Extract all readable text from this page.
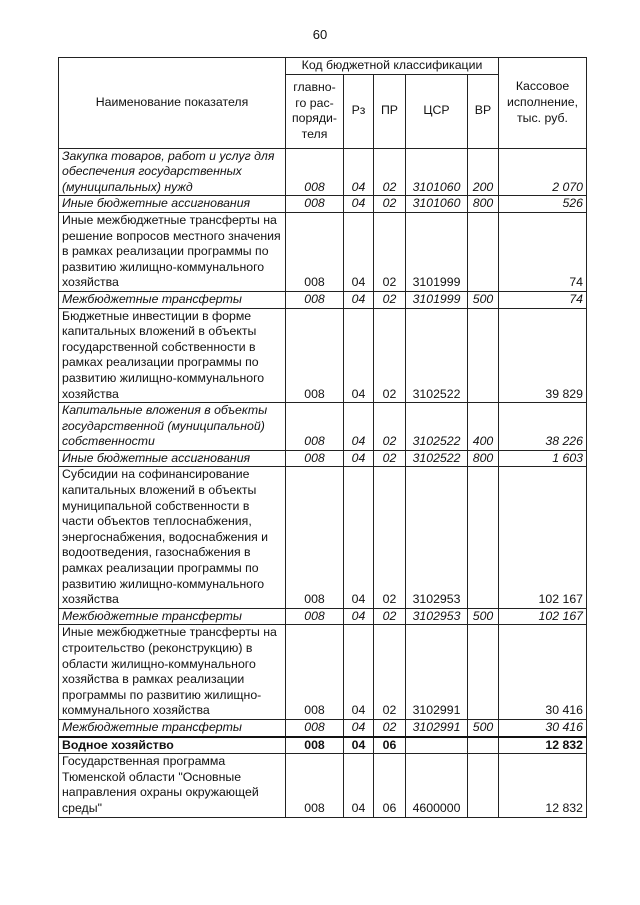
60
Наименование показателя	Код бюджетной классификации					Кассовое исполнение, тыс. руб.
	главно-го рас-поряди-теля	Рз	ПР	ЦСР	ВР	
Закупка товаров, работ и услуг для обеспечения государственных (муниципальных) нужд	008	04	02	3101060	200	2 070
Иные бюджетные ассигнования	008	04	02	3101060	800	526
Иные межбюджетные трансферты на решение вопросов местного значения в рамках реализации программы по развитию жилищно-коммунального хозяйства	008	04	02	3101999		74
Межбюджетные трансферты	008	04	02	3101999	500	74
Бюджетные инвестиции в форме капитальных вложений в объекты государственной собственности в рамках реализации программы по развитию жилищно-коммунального хозяйства	008	04	02	3102522		39 829
Капитальные вложения в объекты государственной (муниципальной) собственности	008	04	02	3102522	400	38 226
Иные бюджетные ассигнования	008	04	02	3102522	800	1 603
Субсидии на софинансирование капитальных вложений в объекты муниципальной собственности в части объектов теплоснабжения, энергоснабжения, водоснабжения и водоотведения, газоснабжения в рамках реализации программы по развитию жилищно-коммунального хозяйства	008	04	02	3102953		102 167
Межбюджетные трансферты	008	04	02	3102953	500	102 167
Иные межбюджетные трансферты на строительство (реконструкцию) в области жилищно-коммунального хозяйства в рамках реализации программы по развитию жилищно-коммунального хозяйства	008	04	02	3102991		30 416
Межбюджетные трансферты	008	04	02	3102991	500	30 416
Водное хозяйство	008	04	06			12 832
Государственная программа Тюменской области "Основные направления охраны окружающей среды"	008	04	06	4600000		12 832
